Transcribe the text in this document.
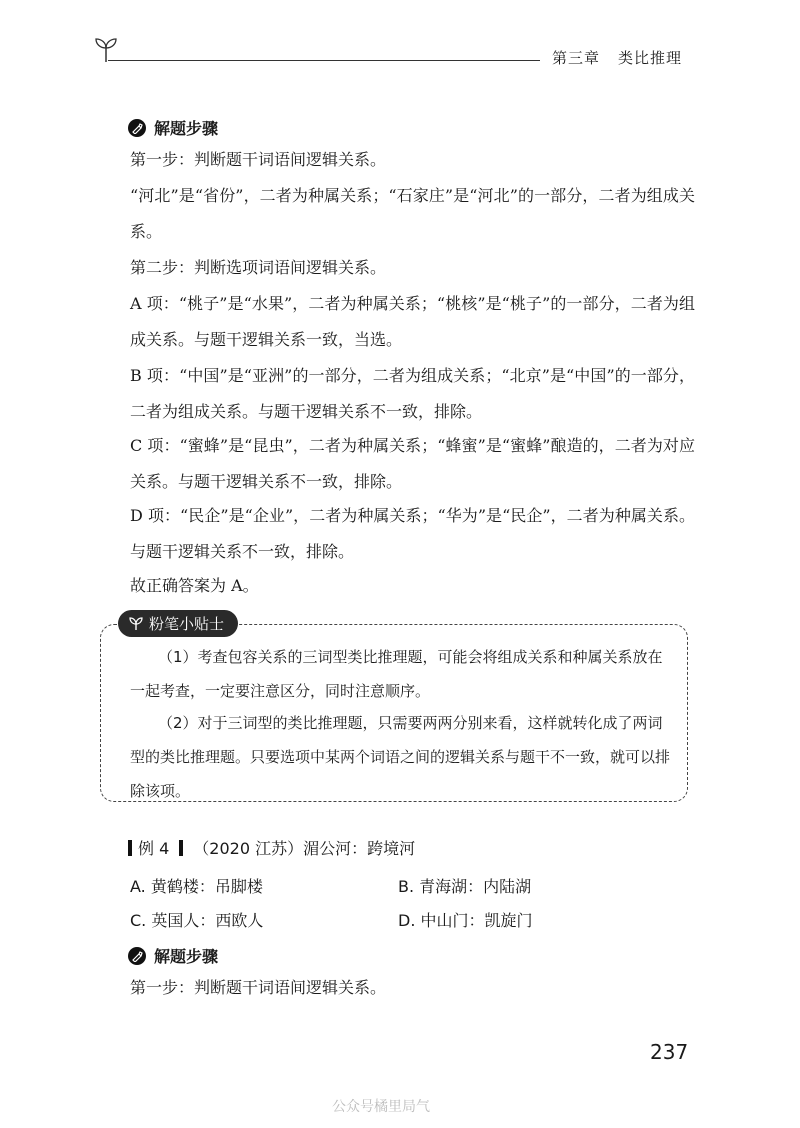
第三章 类比推理
解题步骤

第一步：判断题干词语间逻辑关系。

“河北”是“省份”，二者为种属关系；“石家庄”是“河北”的一部分，二者为组成关系。

第二步：判断选项词语间逻辑关系。

A 项：“桃子”是“水果”，二者为种属关系；“桃核”是“桃子”的一部分，二者为组成关系。与题干逻辑关系一致，当选。

B 项：“中国”是“亚洲”的一部分，二者为组成关系；“北京”是“中国”的一部分，二者为组成关系。与题干逻辑关系不一致，排除。

C 项：“蜜蜂”是“昆虫”，二者为种属关系；“蜂蜜”是“蜜蜂”酿造的，二者为对应关系。与题干逻辑关系不一致，排除。

D 项：“民企”是“企业”，二者为种属关系；“华为”是“民企”，二者为种属关系。与题干逻辑关系不一致，排除。

故正确答案为 A。

粉笔小贴士

（1）考查包容关系的三词型类比推理题，可能会将组成关系和种属关系放在一起考查，一定要注意区分，同时注意顺序。

（2）对于三词型的类比推理题，只需要两两分别来看，这样就转化成了两词型的类比推理题。只要选项中某两个词语之间的逻辑关系与题干不一致，就可以排除该项。

例 4 （2020 江苏） 湄公河：跨境河
A. 黄鹤楼：吊脚楼	B. 青海湖：内陆湖
C. 英国人：西欧人	D. 中山门：凯旋门
解题步骤

第一步：判断题干词语间逻辑关系。

237
公众号橘里局气
